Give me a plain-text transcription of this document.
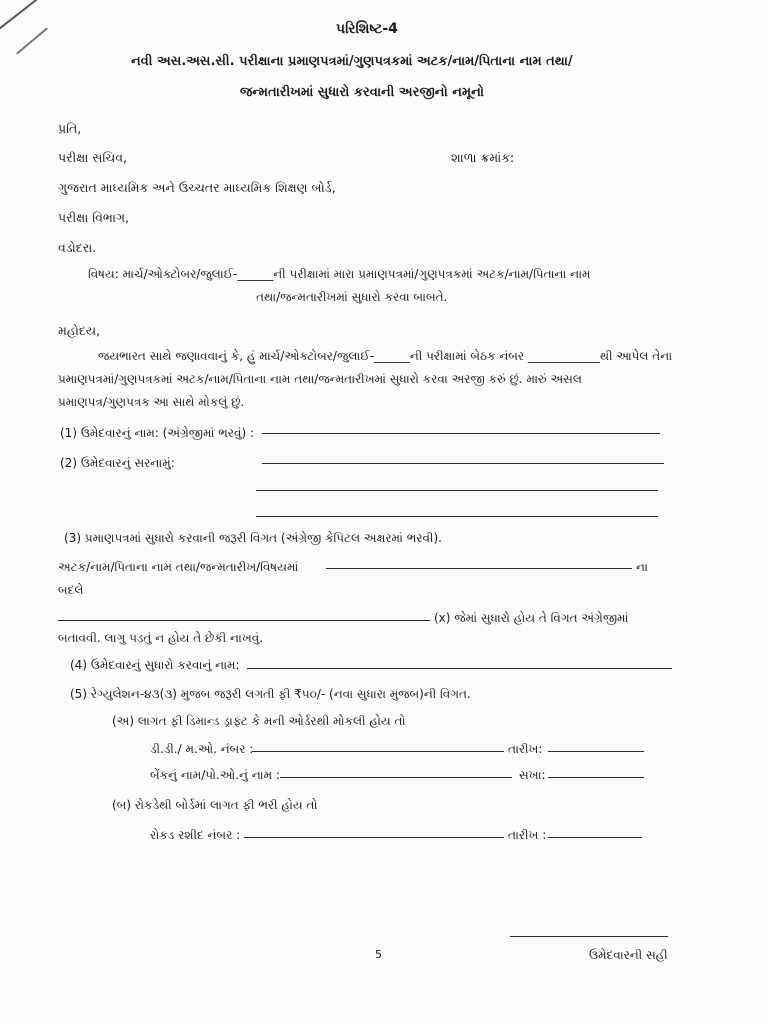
પરિશિષ્ટ-4
નવી અસ.અસ.સી. પરીક્ષાના પ્રમાણપત્રમાં/ગુણપત્રકમાં અટક/નામ/પિતાના નામ તથા/
જન્મતારીખમાં સુધારો કરવાની અરજીનો નમૂનો
પ્રતિ,
પરીક્ષા સચિવ,	શાળા ક્રમાંક:
ગુજરાત માધ્યમિક અને ઉચ્ચતર માધ્યમિક શિક્ષણ બોર્ડ,
પરીક્ષા વિભાગ,
વડોદરા.
વિષય: માર્ચ/ઓક્ટોબર/જુલાઈ-______ની પરીક્ષામાં મારા પ્રમાણપત્રમાં/ગુણપત્રકમાં અટક/નામ/પિતાના નામ
તથા/જન્મતારીખમાં સુધારો કરવા બાબતે.
મહોદય,
જયભારત સાથે જણાવવાનું કે, હું માર્ચ/ઓક્ટોબર/જુલાઈ-______ની પરીક્ષામાં બેઠક નંબર ____________થી આપેલ તેના
પ્રમાણપત્રમાં/ગુણપત્રકમાં અટક/નામ/પિતાના નામ તથા/જન્મતારીખમાં સુધારો કરવા અરજી કરું છું. મારું અસલ
પ્રમાણપત્ર/ગુણપત્રક આ સાથે મોકલું છું.
(1) ઉમેદવારનું નામ: (અંગ્રેજીમાં ભરવું) :
(2) ઉમેદવારનું સરનામું:
(3) પ્રમાણપત્રમાં સુધારો કરવાની જરૂરી વિગત (અંગ્રેજી કેપિટલ અક્ષરમાં ભરવી).
અટક/નામ/પિતાના નામ તથા/જન્મતારીખ/વિષયમાં	ના
બદલે
(x) જેમાં સુધારો હોય તે વિગત અંગ્રેજીમાં
બતાવવી. લાગુ પડતું ન હોય તે છેકી નાખવું.
(4) ઉમેદવારનું સુધારો કરવાનું નામ:
(5) રેગ્યુલેશન-૪૩(૩) મુજબ જરૂરી લગતી ફી ₹૫૦/- (નવા સુધારા મુજબ)ની વિગત.
(અ) લાગત ફી ડિમાન્ડ ડ્રાફ્ટ કે મની ઓર્ડરથી મોકલી હોય તો
ડી.ડી./ મ.ઓ. નંબર :	તારીખ:
બેંકનું નામ/પો.ઓ.નું નામ :	સખા:
(બ) રોકડેથી બોર્ડમાં લાગત ફી ભરી હોય તો
રોકડ રશીદ નંબર :	તારીખ :
5	ઉમેદવારની સહી
